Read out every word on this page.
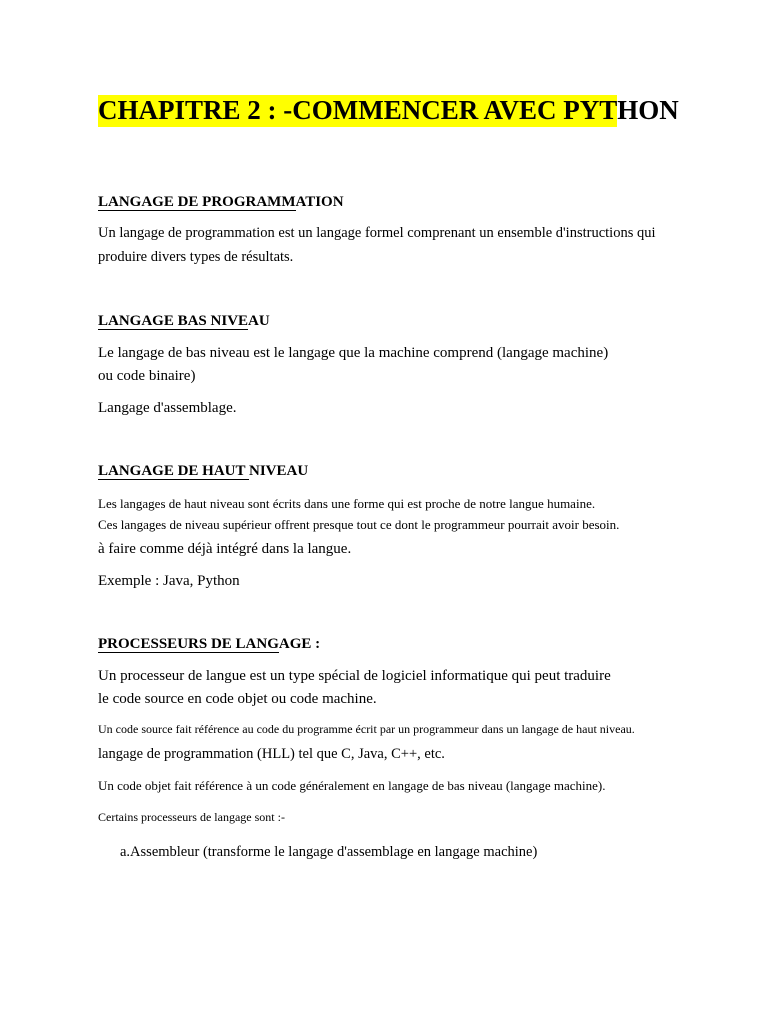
CHAPITRE 2 : -COMMENCER AVEC PYTHON
LANGAGE DE PROGRAMMATION
Un langage de programmation est un langage formel comprenant un ensemble d'instructions qui
produire divers types de résultats.
LANGAGE BAS NIVEAU
Le langage de bas niveau est le langage que la machine comprend (langage machine)
ou code binaire)
Langage d'assemblage.
LANGAGE DE HAUT NIVEAU
Les langages de haut niveau sont écrits dans une forme qui est proche de notre langue humaine.
Ces langages de niveau supérieur offrent presque tout ce dont le programmeur pourrait avoir besoin.
à faire comme déjà intégré dans la langue.
Exemple : Java, Python
PROCESSEURS DE LANGAGE :
Un processeur de langue est un type spécial de logiciel informatique qui peut traduire
le code source en code objet ou code machine.
Un code source fait référence au code du programme écrit par un programmeur dans un langage de haut niveau.
langage de programmation (HLL) tel que C, Java, C++, etc.
Un code objet fait référence à un code généralement en langage de bas niveau (langage machine).
Certains processeurs de langage sont :-
a.Assembleur (transforme le langage d'assemblage en langage machine)
